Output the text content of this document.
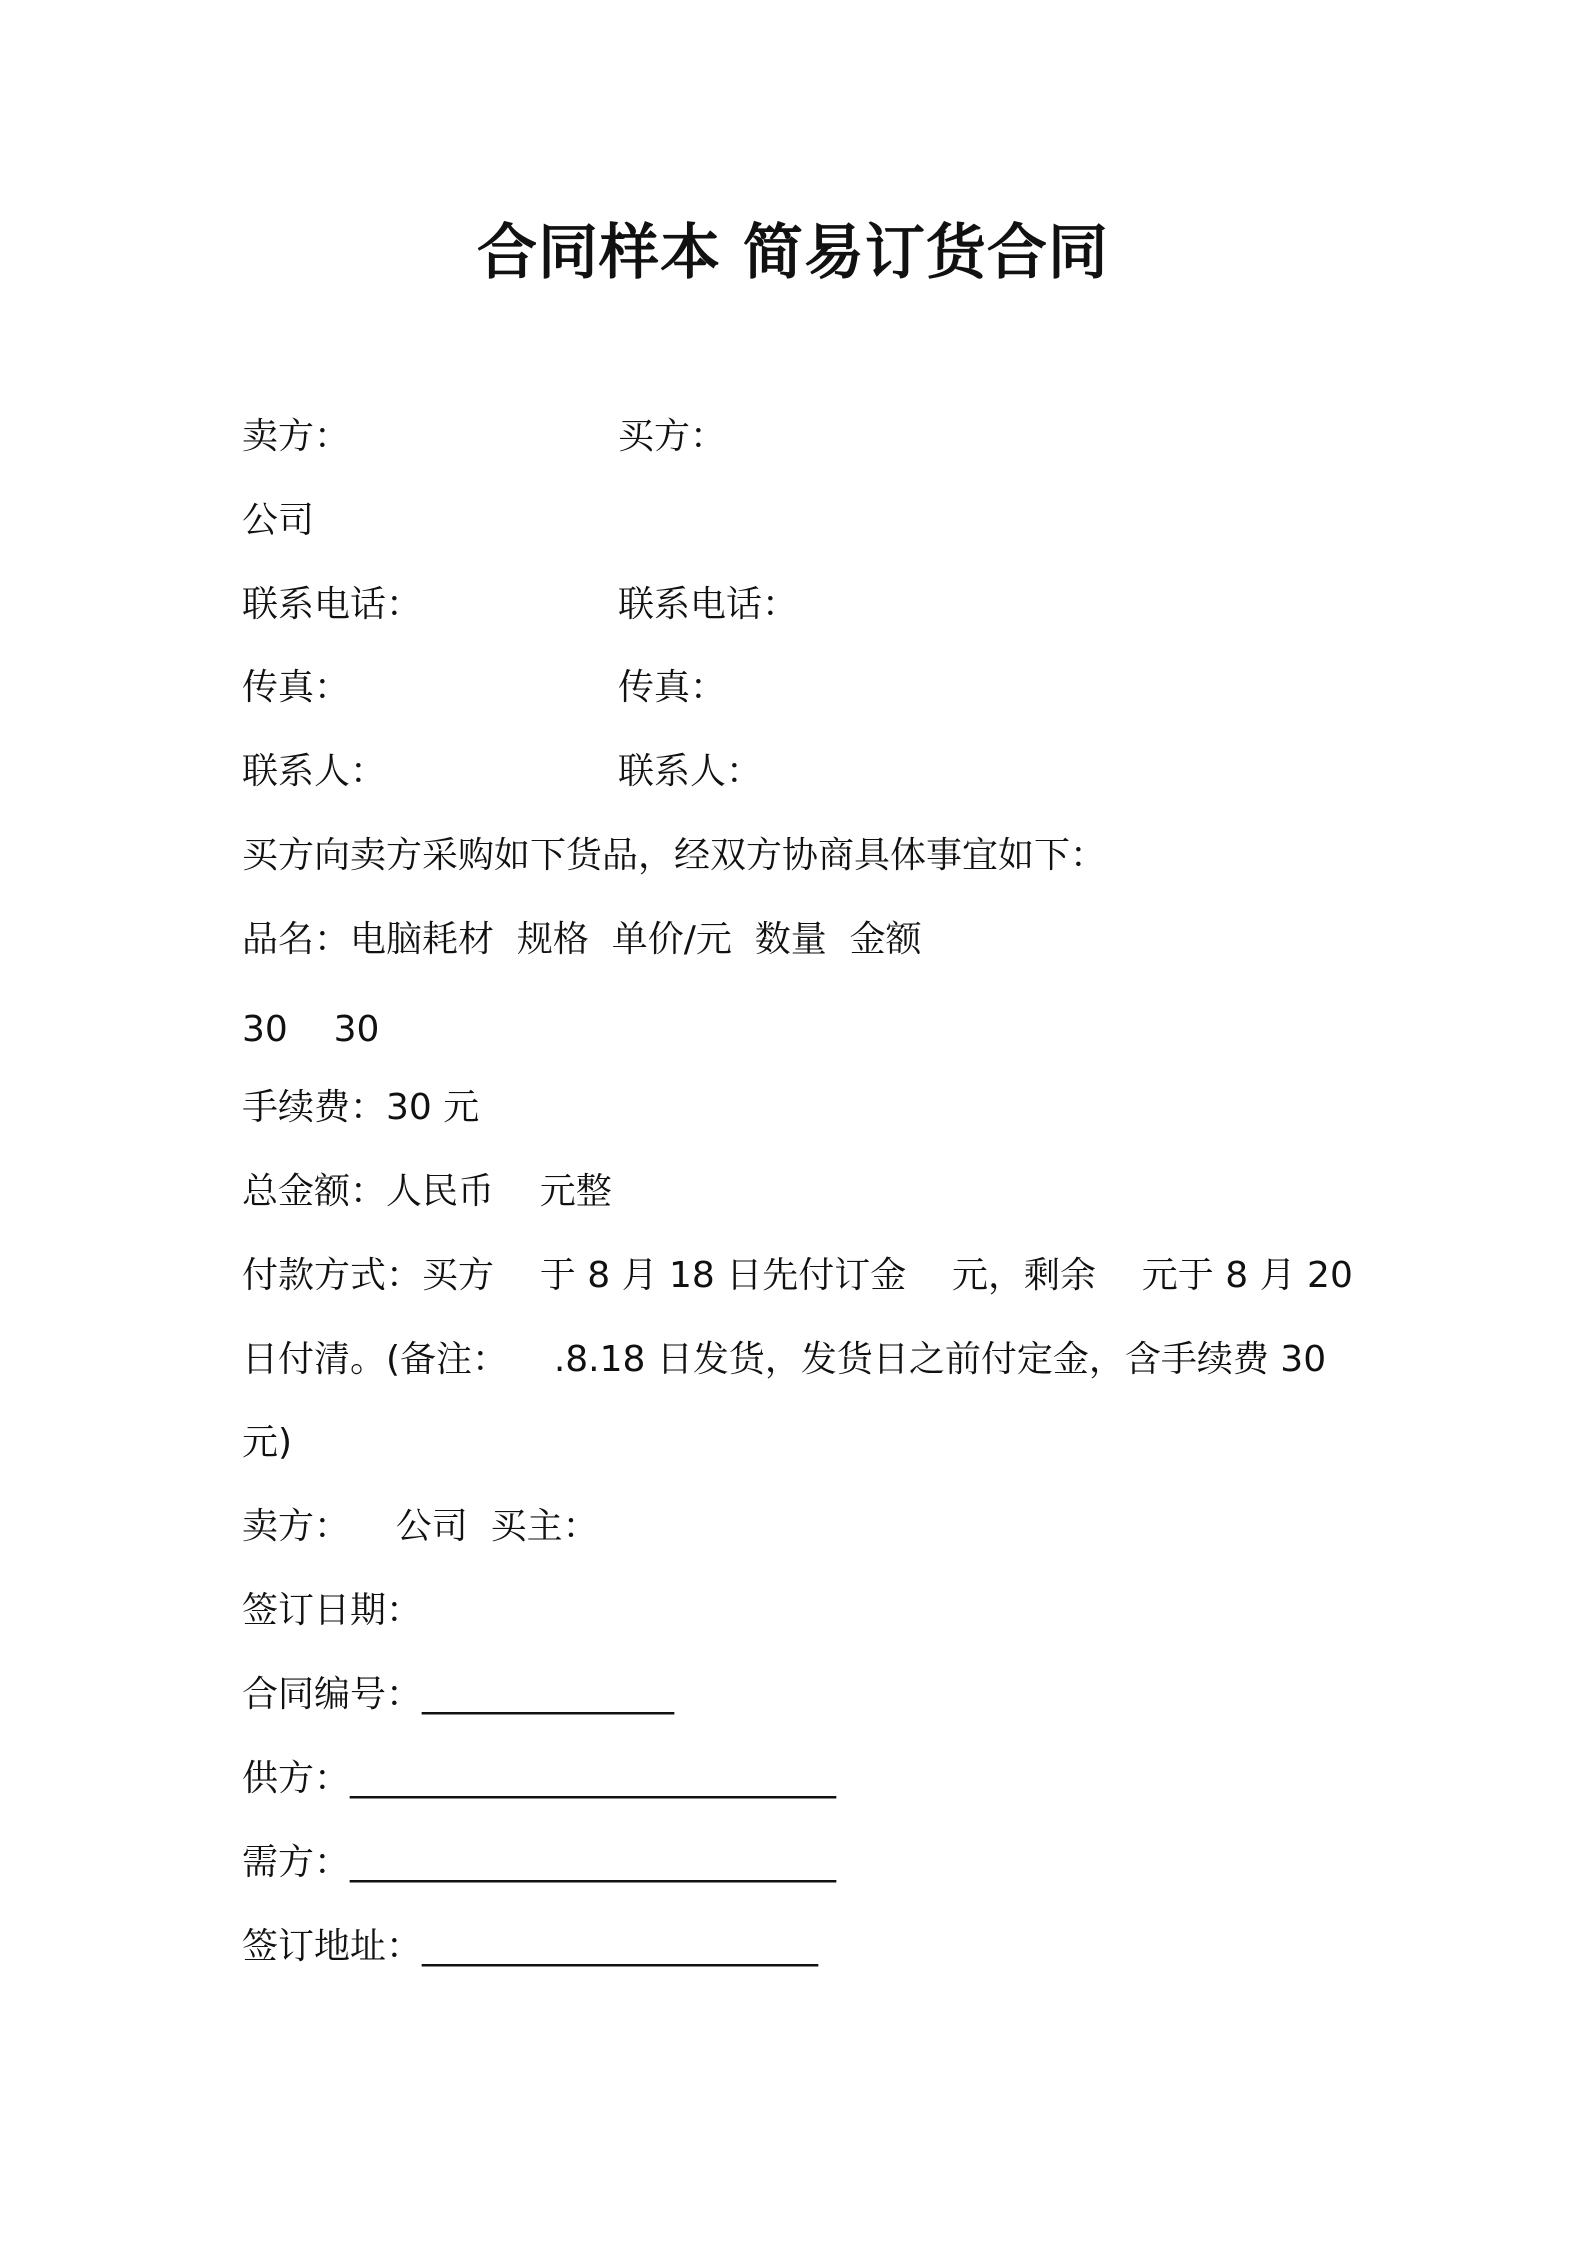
合同样本 简易订货合同
卖方：	买方：
公司
联系电话：	联系电话：
传真：	传真：
联系人：	联系人：
买方向卖方采购如下货品，经双方协商具体事宜如下：
品名：电脑耗材  规格  单价/元  数量  金额
30    30
手续费：30 元
总金额：人民币    元整
付款方式：买方    于 8 月 18 日先付订金    元，剩余    元于 8 月 20
日付清。(备注：    .8.18 日发货，发货日之前付定金，含手续费 30
元)
卖方：    公司  买主：
签订日期：
合同编号：______________
供方：___________________________
需方：___________________________
签订地址：______________________
